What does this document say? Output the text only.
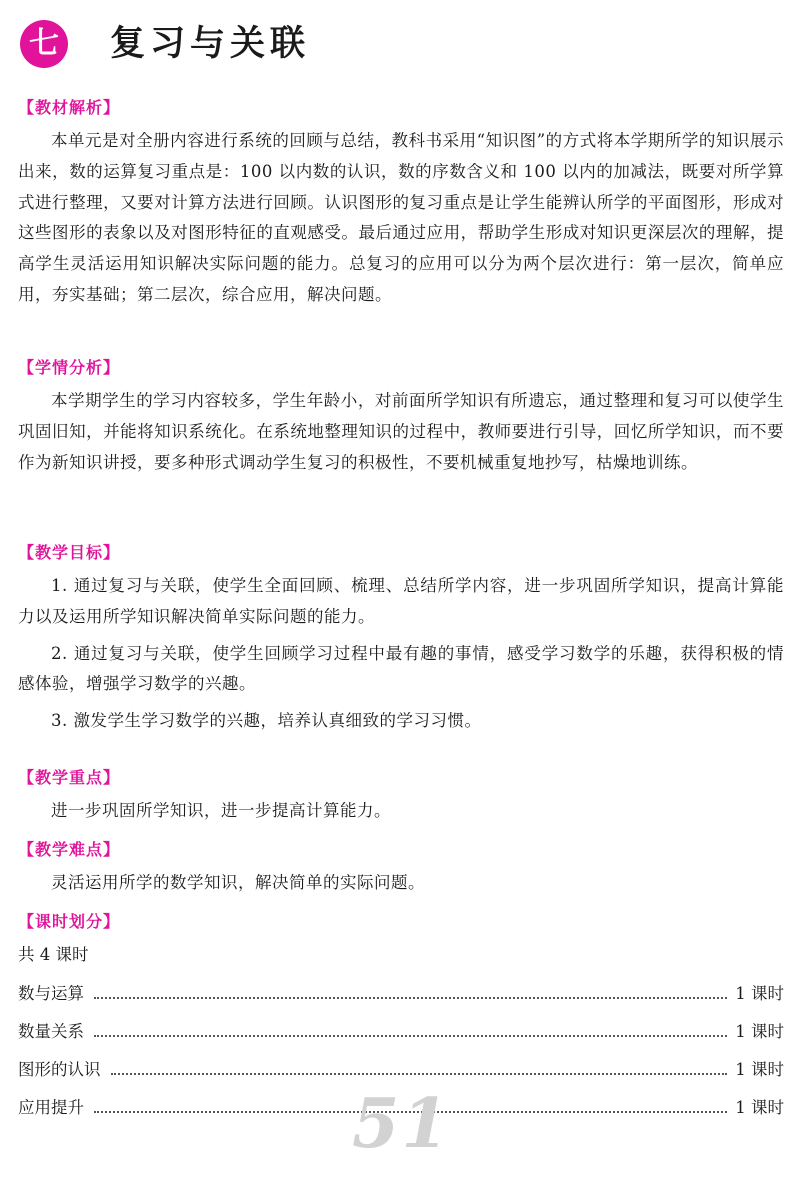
七 复习与关联
【教材解析】

本单元是对全册内容进行系统的回顾与总结，教科书采用“知识图”的方式将本学期所学的知识展示出来，数的运算复习重点是：100 以内数的认识，数的序数含义和 100 以内的加减法，既要对所学算式进行整理，又要对计算方法进行回顾。认识图形的复习重点是让学生能辨认所学的平面图形，形成对这些图形的表象以及对图形特征的直观感受。最后通过应用，帮助学生形成对知识更深层次的理解，提高学生灵活运用知识解决实际问题的能力。总复习的应用可以分为两个层次进行：第一层次，简单应用，夯实基础；第二层次，综合应用，解决问题。

【学情分析】

本学期学生的学习内容较多，学生年龄小，对前面所学知识有所遗忘，通过整理和复习可以使学生巩固旧知，并能将知识系统化。在系统地整理知识的过程中，教师要进行引导，回忆所学知识，而不要作为新知识讲授，要多种形式调动学生复习的积极性，不要机械重复地抄写，枯燥地训练。

【教学目标】

1. 通过复习与关联，使学生全面回顾、梳理、总结所学内容，进一步巩固所学知识，提高计算能力以及运用所学知识解决简单实际问题的能力。

2. 通过复习与关联，使学生回顾学习过程中最有趣的事情，感受学习数学的乐趣，获得积极的情感体验，增强学习数学的兴趣。

3. 激发学生学习数学的兴趣，培养认真细致的学习习惯。

【教学重点】

进一步巩固所学知识，进一步提高计算能力。

【教学难点】

灵活运用所学的数学知识，解决简单的实际问题。

【课时划分】
共 4 课时
数与运算	1 课时
数量关系	1 课时
图形的认识	1 课时
应用提升	1 课时
51
